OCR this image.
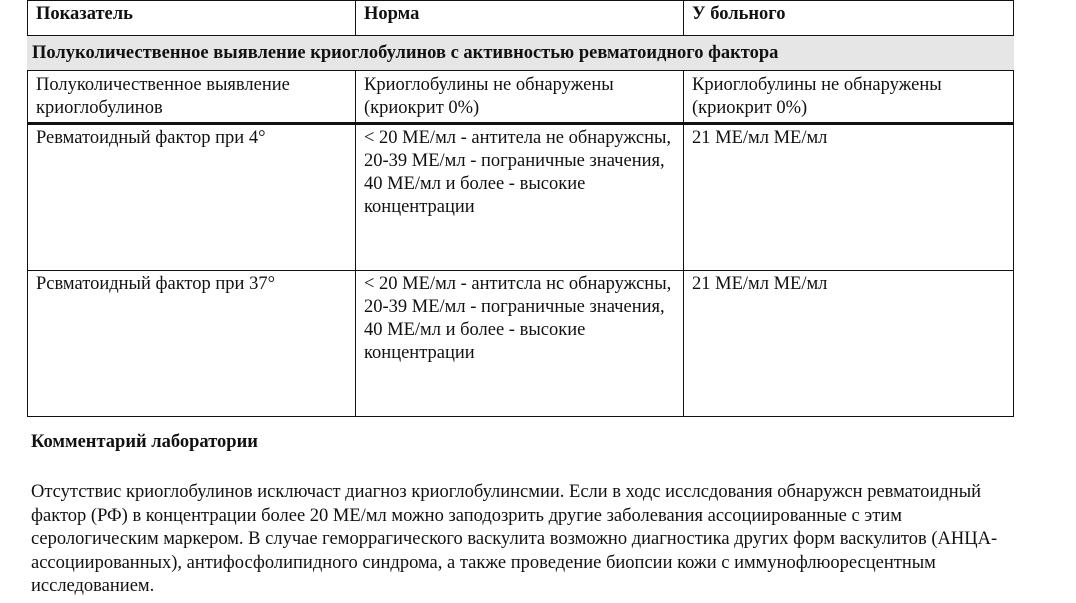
Показатель	Норма	У больного
Полуколичественное выявление криоглобулинов с активностью ревматоидного фактора		
Полуколичественное выявление криоглобулинов	Криоглобулины не обнаружены (криокрит 0%)	Криоглобулины не обнаружены (криокрит 0%)
Ревматоидный фактор при 4°	< 20 МЕ/мл - антитела не обнаружсны,
20-39 МЕ/мл - пограничные значения,
40 МЕ/мл и более - высокие концентрации	21 МЕ/мл МЕ/мл
Рсвматоидный фактор при 37°	< 20 МЕ/мл - антитсла нс обнаружсны,
20-39 МЕ/мл - пограничные значения,
40 МЕ/мл и более - высокие концентрации	21 МЕ/мл МЕ/мл
Комментарий лаборатории
Отсутствис криоглобулинов исключаст диагноз криоглобулинсмии. Если в ходс исслсдования обнаружсн ревматоидный фактор (РФ) в концентрации более 20 МЕ/мл можно заподозрить другие заболевания ассоциированные с этим серологическим маркером. В случае геморрагического васкулита возможно диагностика других форм васкулитов (АНЦА-ассоциированных), антифосфолипидного синдрома, а также проведение биопсии кожи с иммунофлюоресцентным исследованием.
